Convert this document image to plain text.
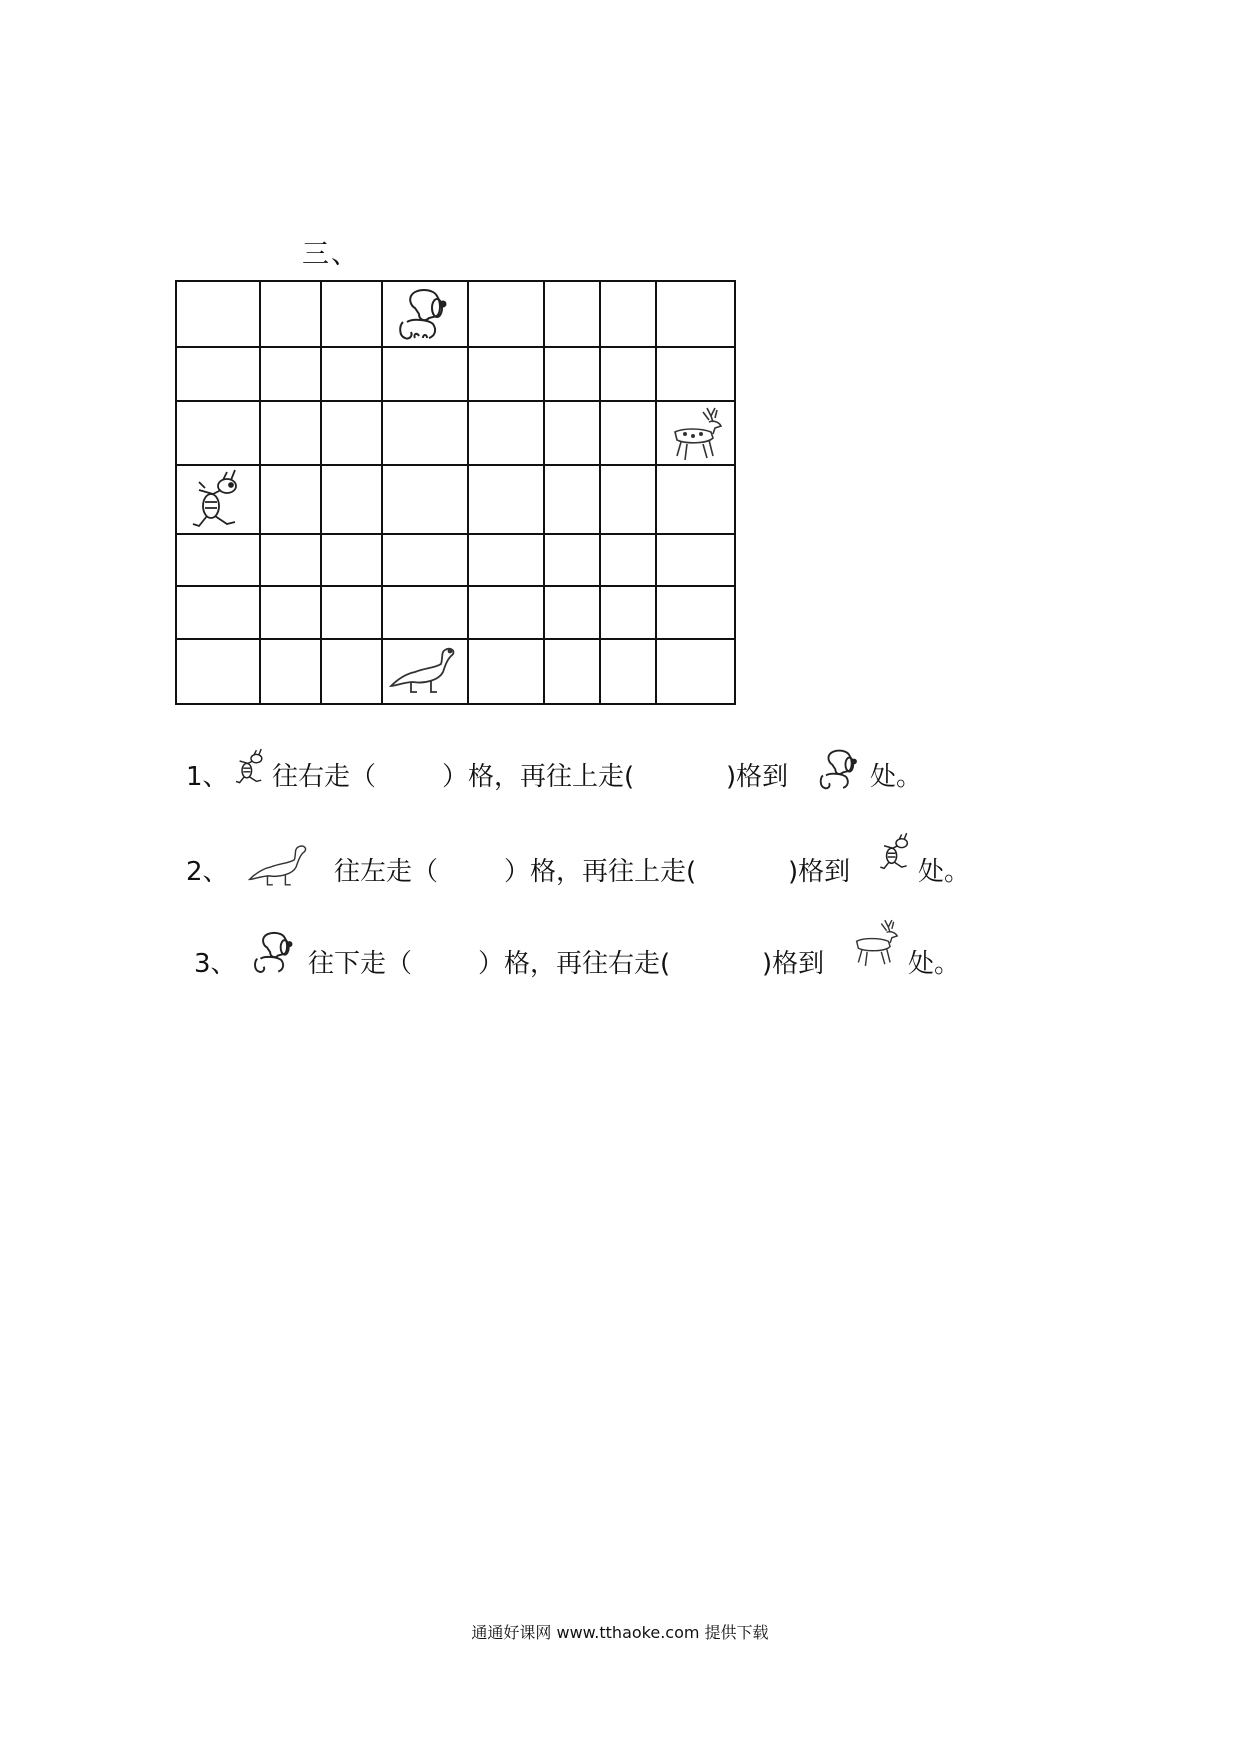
三、
1、 往右走（	）格，再往上走(	)格到	处。
2、	往左走（	）格，再往上走(	)格到	处。
3、	往下走（	）格，再往右走(	)格到	处。
通通好课网 www.tthaoke.com 提供下载
